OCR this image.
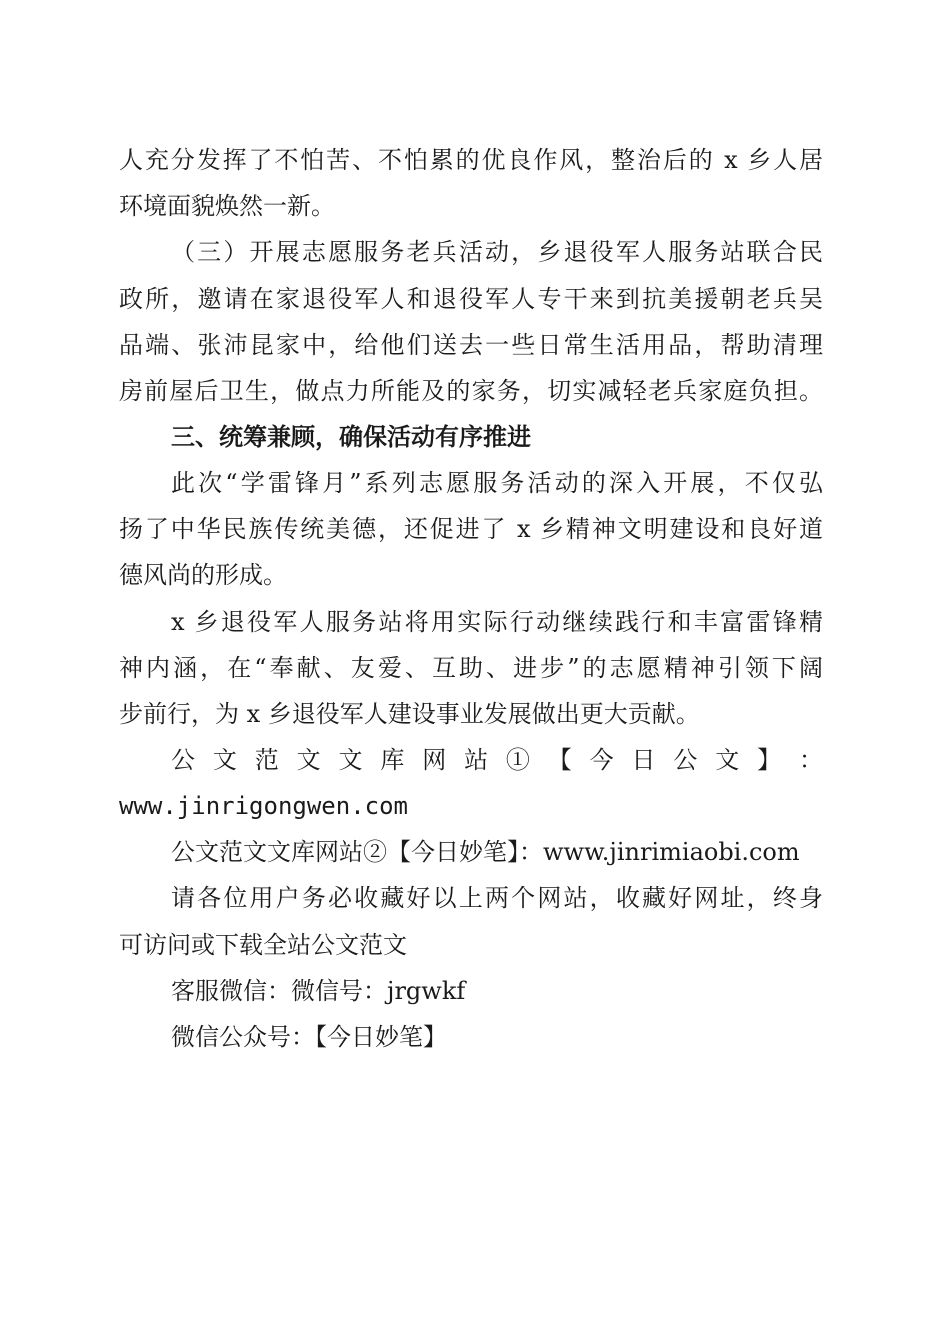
人充分发挥了不怕苦、不怕累的优良作风，整治后的 x 乡人居
环境面貌焕然一新。
（三）开展志愿服务老兵活动，乡退役军人服务站联合民
政所，邀请在家退役军人和退役军人专干来到抗美援朝老兵吴
品端、张沛昆家中，给他们送去一些日常生活用品，帮助清理
房前屋后卫生，做点力所能及的家务，切实减轻老兵家庭负担。
三、统筹兼顾，确保活动有序推进
此次“学雷锋月”系列志愿服务活动的深入开展，不仅弘
扬了中华民族传统美德，还促进了 x 乡精神文明建设和良好道
德风尚的形成。
x 乡退役军人服务站将用实际行动继续践行和丰富雷锋精
神内涵，在“奉献、友爱、互助、进步”的志愿精神引领下阔
步前行，为 x 乡退役军人建设事业发展做出更大贡献。
公 文 范 文 文 库 网 站 ① 【 今 日 公 文 】 ：
www.jinrigongwen.com
公文范文文库网站②【今日妙笔】：www.jinrimiaobi.com
请各位用户务必收藏好以上两个网站，收藏好网址，终身
可访问或下载全站公文范文
客服微信：微信号：jrgwkf
微信公众号：【今日妙笔】
